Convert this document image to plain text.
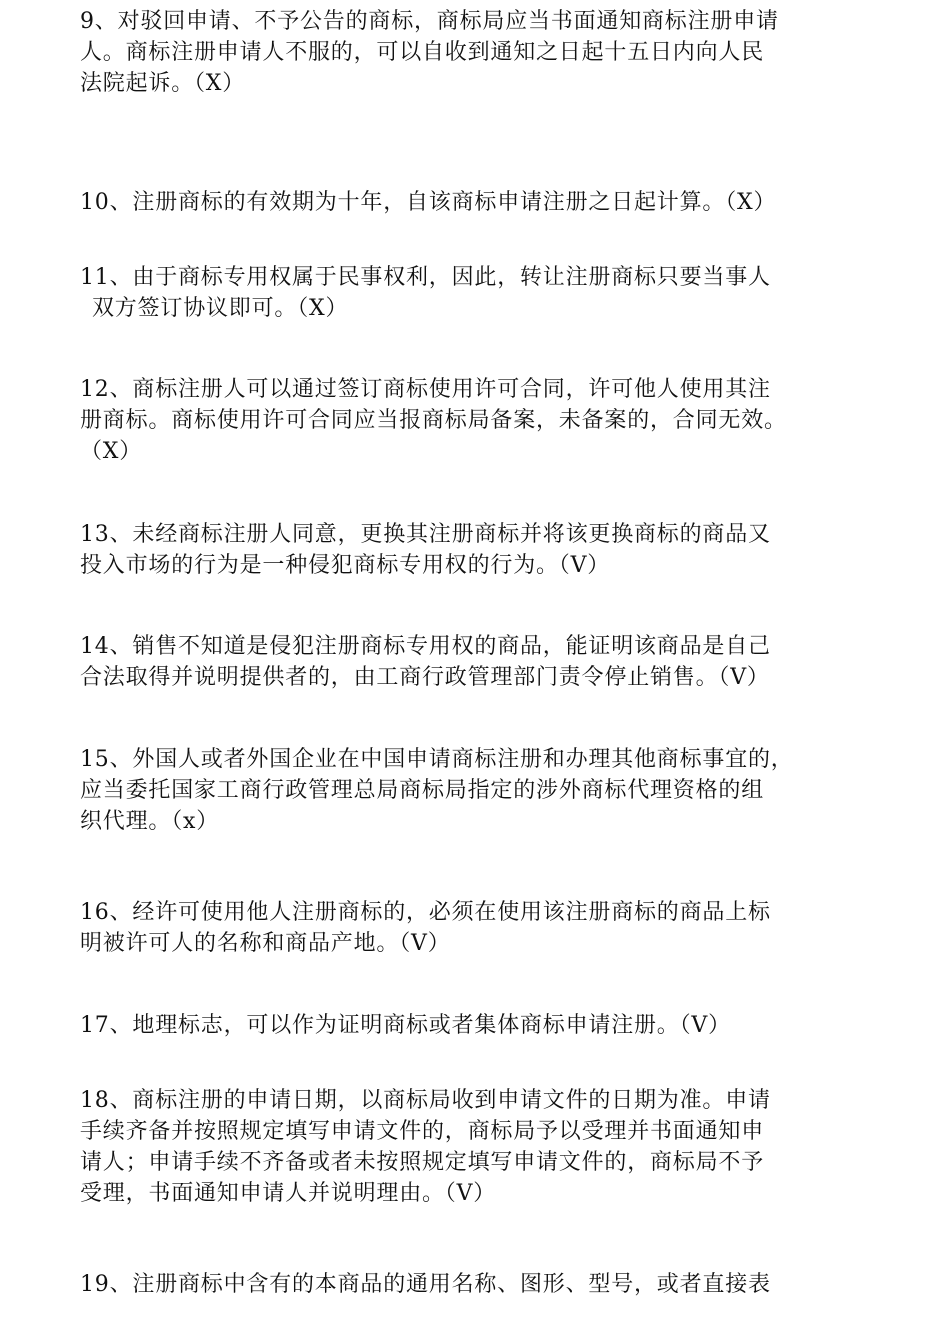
9、对驳回申请、不予公告的商标，商标局应当书面通知商标注册申请
人。商标注册申请人不服的，可以自收到通知之日起十五日内向人民
法院起诉。（X）
10、注册商标的有效期为十年，自该商标申请注册之日起计算。（X）
11、由于商标专用权属于民事权利，因此，转让注册商标只要当事人
双方签订协议即可。（X）
12、商标注册人可以通过签订商标使用许可合同，许可他人使用其注
册商标。商标使用许可合同应当报商标局备案，未备案的，合同无效。
（X）
13、未经商标注册人同意，更换其注册商标并将该更换商标的商品又
投入市场的行为是一种侵犯商标专用权的行为。（V）
14、销售不知道是侵犯注册商标专用权的商品，能证明该商品是自己
合法取得并说明提供者的，由工商行政管理部门责令停止销售。（V）
15、外国人或者外国企业在中国申请商标注册和办理其他商标事宜的，
应当委托国家工商行政管理总局商标局指定的涉外商标代理资格的组
织代理。（x）
16、经许可使用他人注册商标的，必须在使用该注册商标的商品上标
明被许可人的名称和商品产地。（V）
17、地理标志，可以作为证明商标或者集体商标申请注册。（V）
18、商标注册的申请日期，以商标局收到申请文件的日期为准。申请
手续齐备并按照规定填写申请文件的，商标局予以受理并书面通知申
请人；申请手续不齐备或者未按照规定填写申请文件的，商标局不予
受理，书面通知申请人并说明理由。（V）
19、注册商标中含有的本商品的通用名称、图形、型号，或者直接表
